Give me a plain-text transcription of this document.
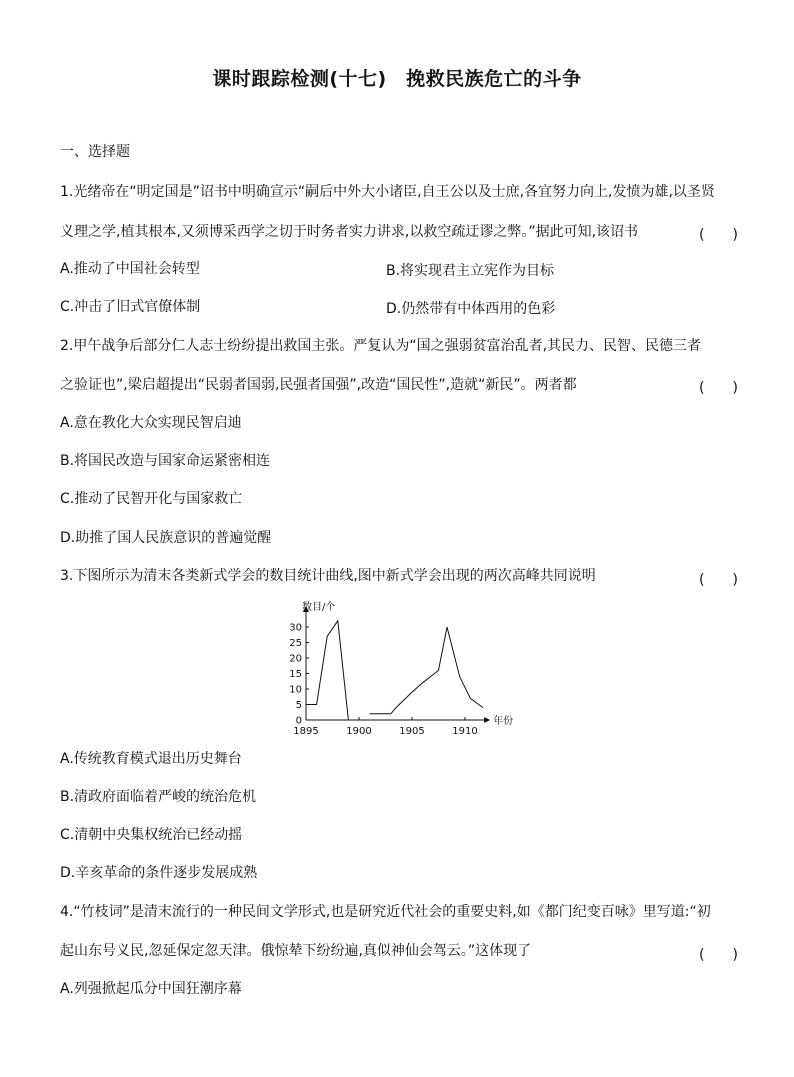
课时跟踪检测(十七)　挽救民族危亡的斗争
一、选择题
1.光绪帝在“明定国是”诏书中明确宣示“嗣后中外大小诸臣,自王公以及士庶,各宜努力向上,发愤为雄,以圣贤
义理之学,植其根本,又须博采西学之切于时务者实力讲求,以救空疏迂谬之弊。”据此可知,该诏书	(　　)
A.推动了中国社会转型	B.将实现君主立宪作为目标
C.冲击了旧式官僚体制	D.仍然带有中体西用的色彩
2.甲午战争后部分仁人志士纷纷提出救国主张。严复认为“国之强弱贫富治乱者,其民力、民智、民德三者
之验证也”,梁启超提出“民弱者国弱,民强者国强”,改造“国民性”,造就“新民”。两者都	(　　)
A.意在教化大众实现民智启迪
B.将国民改造与国家命运紧密相连
C.推动了民智开化与国家救亡
D.助推了国人民族意识的普遍觉醒
3.下图所示为清末各类新式学会的数目统计曲线,图中新式学会出现的两次高峰共同说明	(　　)
0
5
10
15
20
25
30
1895	1900	1905	1910
数目/个
年份
A.传统教育模式退出历史舞台
B.清政府面临着严峻的统治危机
C.清朝中央集权统治已经动摇
D.辛亥革命的条件逐步发展成熟
4.“竹枝词”是清末流行的一种民间文学形式,也是研究近代社会的重要史料,如《都门纪变百咏》里写道:“初
起山东号义民,忽延保定忽天津。俄惊辇下纷纷遍,真似神仙会驾云。”这体现了	(　　)
A.列强掀起瓜分中国狂潮序幕
